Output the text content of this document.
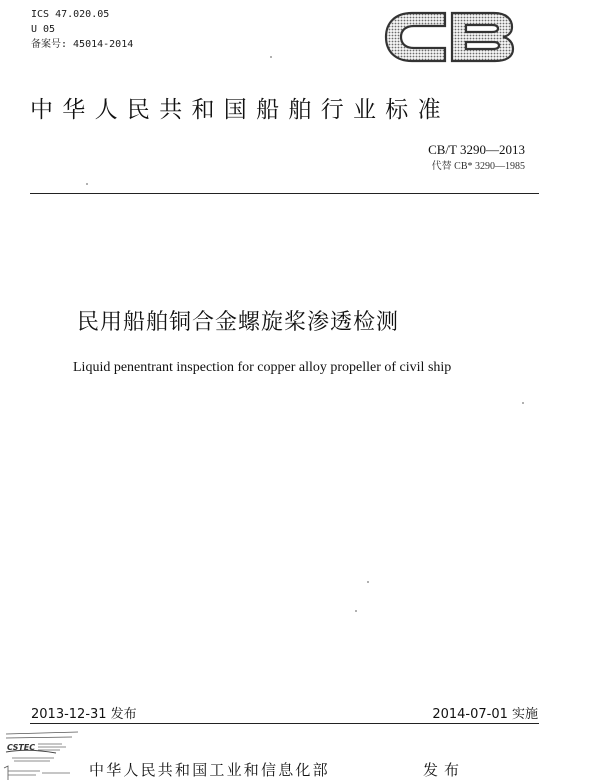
ICS 47.020.05
U 05
备案号: 45014-2014
中华人民共和国船舶行业标准
CB/T 3290—2013
代替 CB* 3290—1985
民用船舶铜合金螺旋桨渗透检测
Liquid penentrant inspection for copper alloy propeller of civil ship
2013-12-31 发布	2014-07-01 实施
CSTEC
中华人民共和国工业和信息化部	发布
